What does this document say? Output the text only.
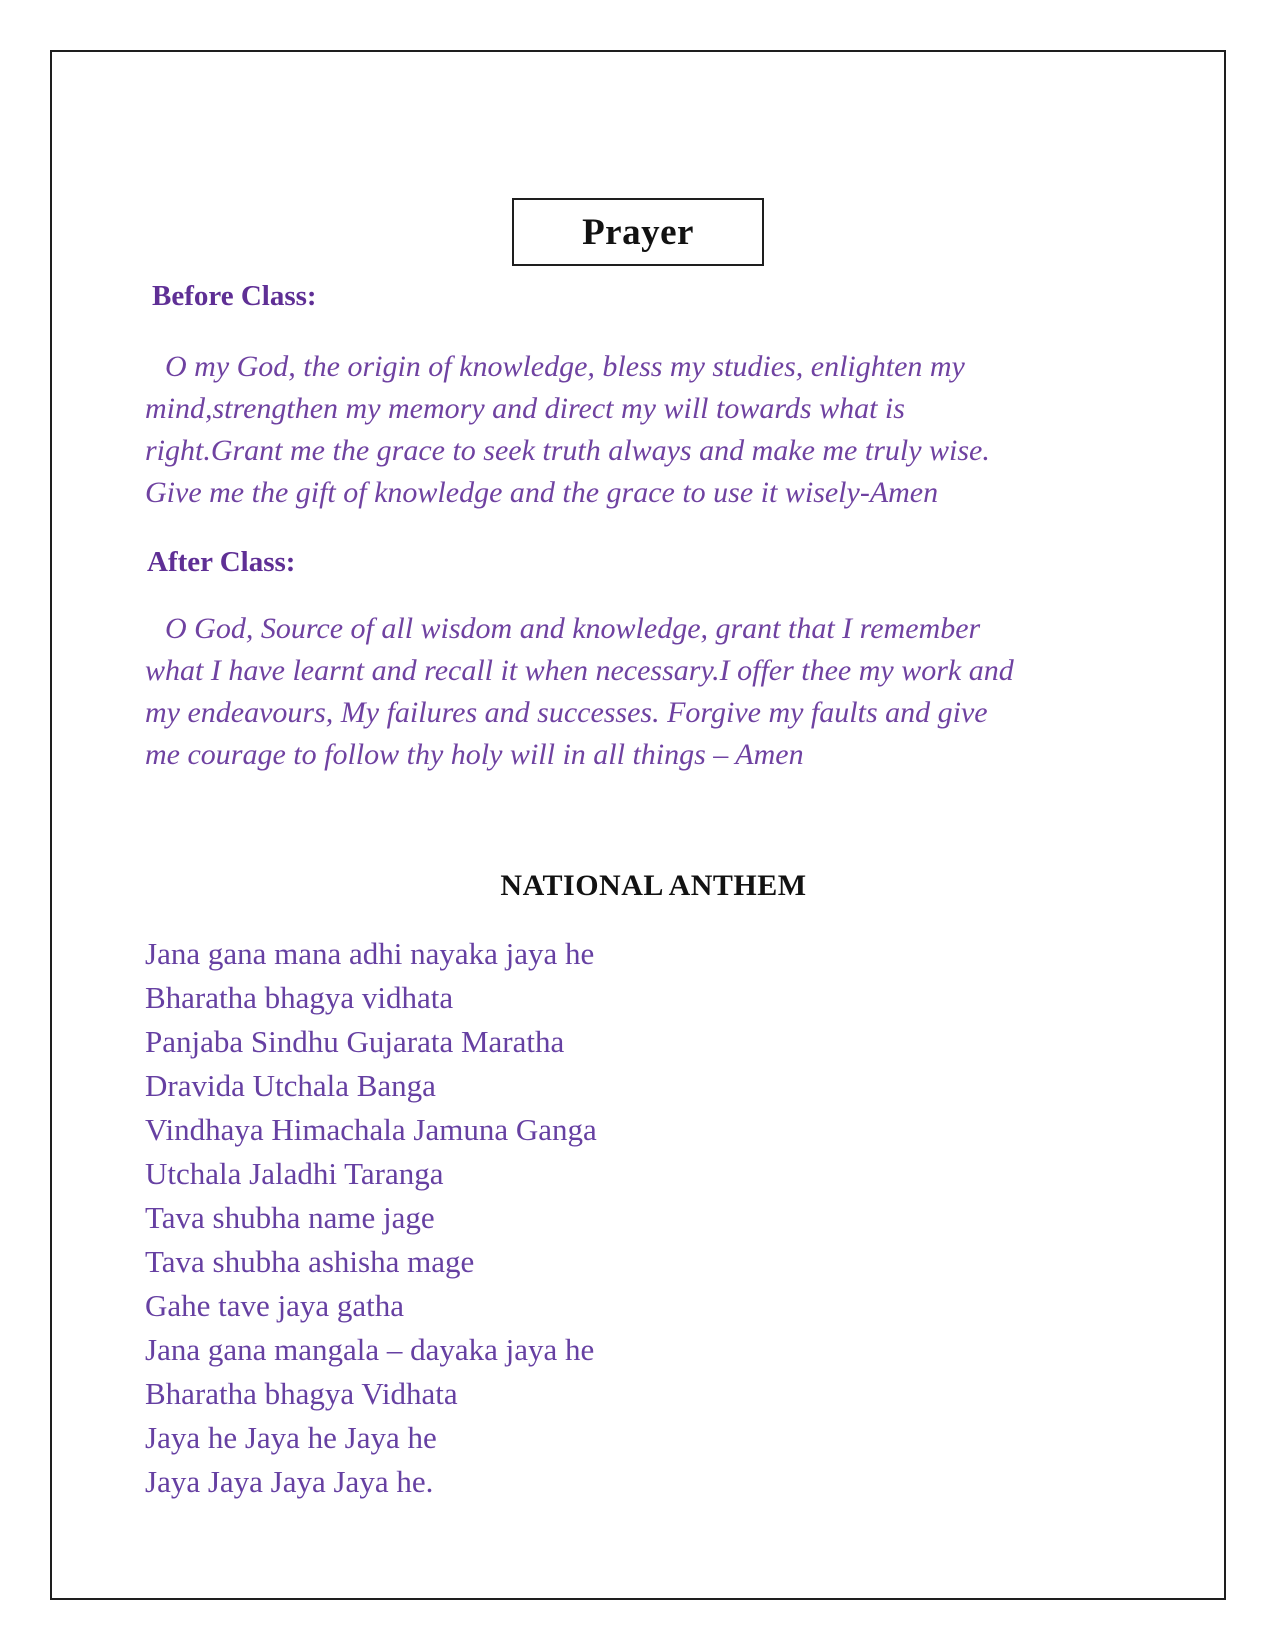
Prayer
Before Class:
O my God, the origin of knowledge, bless my studies, enlighten my
mind,strengthen my memory and direct my will towards what is
right.Grant me the grace to seek truth always and make me truly wise.
Give me the gift of knowledge and the grace to use it wisely-Amen
After Class:
O God, Source of all wisdom and knowledge, grant that I remember
what I have learnt and recall it when necessary.I offer thee my work and
my endeavours, My failures and successes. Forgive my faults and give
me courage to follow thy holy will in all things – Amen
NATIONAL ANTHEM
Jana gana mana adhi nayaka jaya he
Bharatha bhagya vidhata
Panjaba Sindhu Gujarata Maratha
Dravida Utchala Banga
Vindhaya Himachala Jamuna Ganga
Utchala Jaladhi Taranga
Tava shubha name jage
Tava shubha ashisha mage
Gahe tave jaya gatha
Jana gana mangala – dayaka jaya he
Bharatha bhagya Vidhata
Jaya he Jaya he Jaya he
Jaya Jaya Jaya Jaya he.
